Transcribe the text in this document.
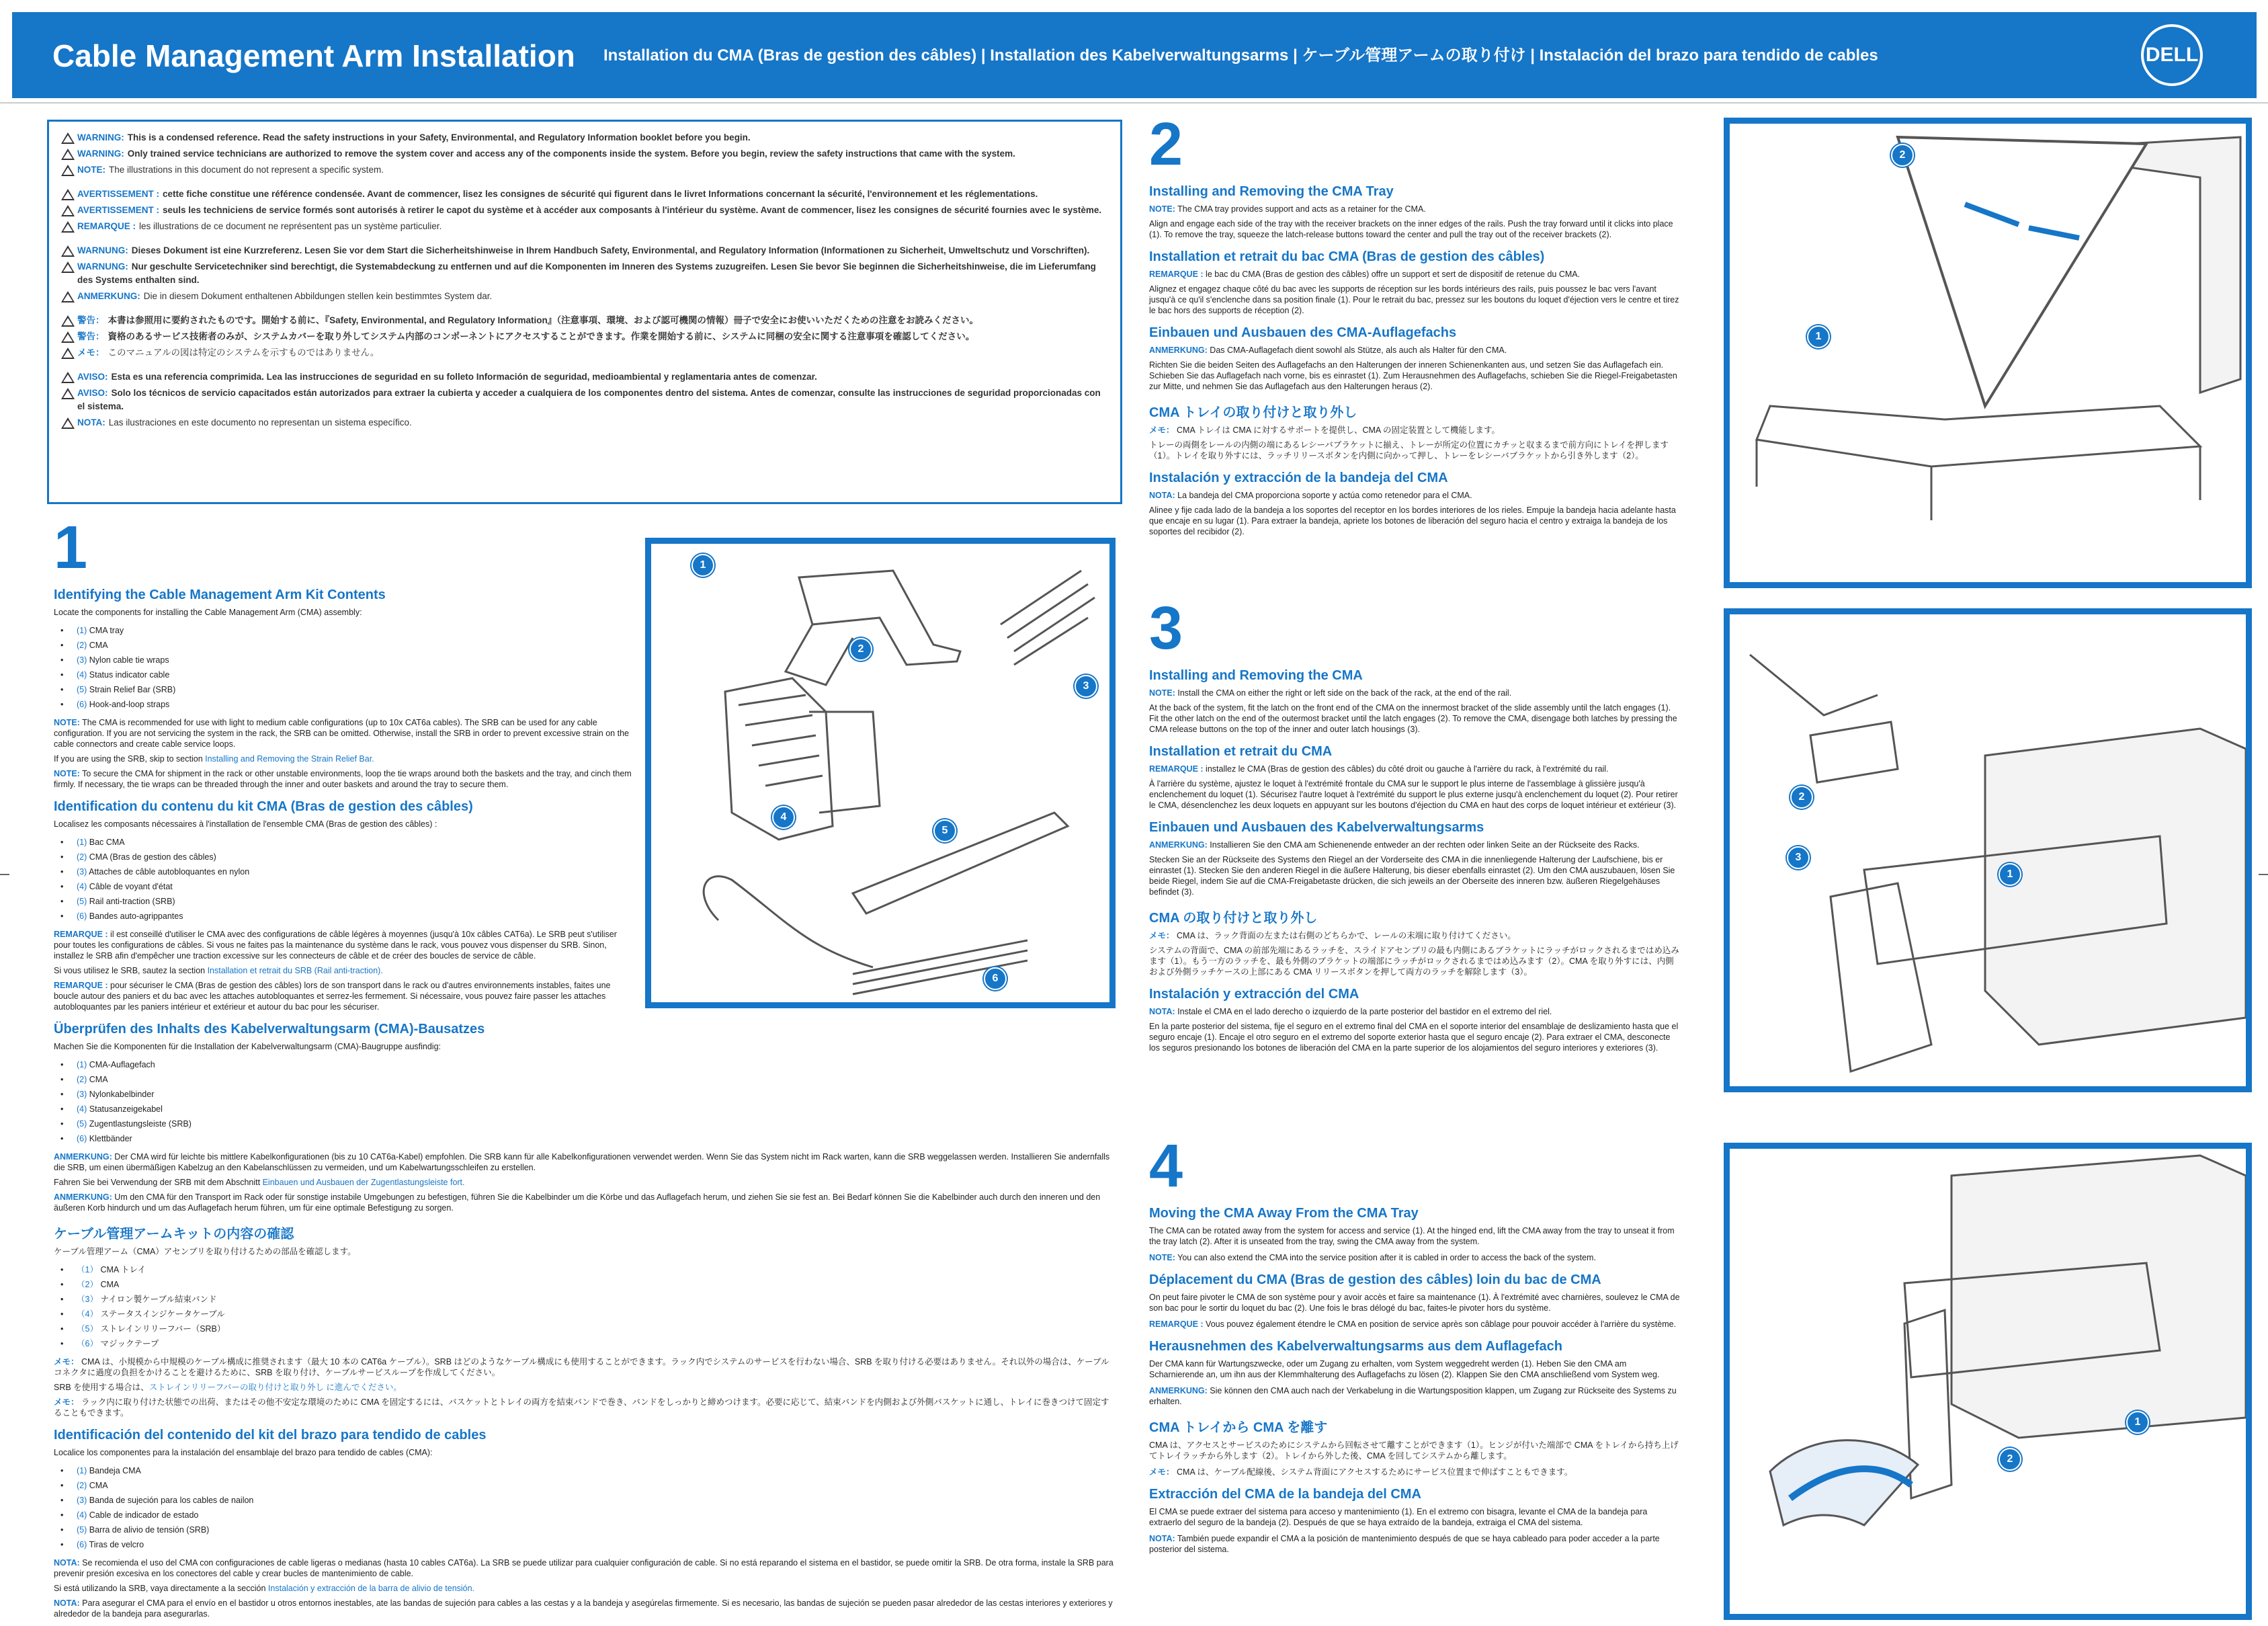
Cable Management Arm Installation Installation du CMA (Bras de gestion des câbles) | Installation des Kabelverwaltungsarms | ケーブル管理アームの取り付け | Instalación del brazo para tendido de cables	DELL
WARNING: This is a condensed reference. Read the safety instructions in your Safety, Environmental, and Regulatory Information booklet before you begin.
WARNING: Only trained service technicians are authorized to remove the system cover and access any of the components inside the system. Before you begin, review the safety instructions that came with the system.
NOTE: The illustrations in this document do not represent a specific system.
AVERTISSEMENT : cette fiche constitue une référence condensée. Avant de commencer, lisez les consignes de sécurité qui figurent dans le livret Informations concernant la sécurité, l'environnement et les réglementations.
AVERTISSEMENT : seuls les techniciens de service formés sont autorisés à retirer le capot du système et à accéder aux composants à l'intérieur du système. Avant de commencer, lisez les consignes de sécurité fournies avec le système.
REMARQUE : les illustrations de ce document ne représentent pas un système particulier.
WARNUNG: Dieses Dokument ist eine Kurzreferenz. Lesen Sie vor dem Start die Sicherheitshinweise in Ihrem Handbuch Safety, Environmental, and Regulatory Information (Informationen zu Sicherheit, Umweltschutz und Vorschriften).
WARNUNG: Nur geschulte Servicetechniker sind berechtigt, die Systemabdeckung zu entfernen und auf die Komponenten im Inneren des Systems zuzugreifen. Lesen Sie bevor Sie beginnen die Sicherheitshinweise, die im Lieferumfang des Systems enthalten sind.
ANMERKUNG: Die in diesem Dokument enthaltenen Abbildungen stellen kein bestimmtes System dar.
警告： 本書は参照用に要約されたものです。開始する前に、『Safety, Environmental, and Regulatory Information』（注意事項、環境、および認可機関の情報）冊子で安全にお使いいただくための注意をお読みください。
警告： 資格のあるサービス技術者のみが、システムカバーを取り外してシステム内部のコンポーネントにアクセスすることができます。作業を開始する前に、システムに同梱の安全に関する注意事項を確認してください。
メモ： このマニュアルの図は特定のシステムを示すものではありません。
AVISO: Esta es una referencia comprimida. Lea las instrucciones de seguridad en su folleto Información de seguridad, medioambiental y reglamentaria antes de comenzar.
AVISO: Solo los técnicos de servicio capacitados están autorizados para extraer la cubierta y acceder a cualquiera de los componentes dentro del sistema. Antes de comenzar, consulte las instrucciones de seguridad proporcionadas con el sistema.
NOTA: Las ilustraciones en este documento no representan un sistema específico.
1
Identifying the Cable Management Arm Kit Contents
Locate the components for installing the Cable Management Arm (CMA) assembly:
• (1) CMA tray
• (2) CMA
• (3) Nylon cable tie wraps
• (4) Status indicator cable
• (5) Strain Relief Bar (SRB)
• (6) Hook-and-loop straps
NOTE: The CMA is recommended for use with light to medium cable configurations (up to 10x CAT6a cables). The SRB can be used for any cable configuration. If you are not servicing the system in the rack, the SRB can be omitted. Otherwise, install the SRB in order to prevent excessive strain on the cable connectors and create cable service loops.
If you are using the SRB, skip to section Installing and Removing the Strain Relief Bar.
NOTE: To secure the CMA for shipment in the rack or other unstable environments, loop the tie wraps around both the baskets and the tray, and cinch them firmly. If necessary, the tie wraps can be threaded through the inner and outer baskets and around the tray to secure them.
Identification du contenu du kit CMA (Bras de gestion des câbles)
Localisez les composants nécessaires à l'installation de l'ensemble CMA (Bras de gestion des câbles) :
• (1) Bac CMA
• (2) CMA (Bras de gestion des câbles)
• (3) Attaches de câble autobloquantes en nylon
• (4) Câble de voyant d'état
• (5) Rail anti-traction (SRB)
• (6) Bandes auto-agrippantes
REMARQUE : il est conseillé d'utiliser le CMA avec des configurations de câble légères à moyennes (jusqu'à 10x câbles CAT6a). Le SRB peut s'utiliser pour toutes les configurations de câbles. Si vous ne faites pas la maintenance du système dans le rack, vous pouvez vous dispenser du SRB. Sinon, installez le SRB afin d'empêcher une traction excessive sur les connecteurs de câble et de créer des boucles de service de câble.
Si vous utilisez le SRB, sautez la section Installation et retrait du SRB (Rail anti-traction).
REMARQUE : pour sécuriser le CMA (Bras de gestion des câbles) lors de son transport dans le rack ou d'autres environnements instables, faites une boucle autour des paniers et du bac avec les attaches autobloquantes et serrez-les fermement. Si nécessaire, vous pouvez faire passer les attaches autobloquantes par les paniers intérieur et extérieur et autour du bac pour les sécuriser.
Überprüfen des Inhalts des Kabelverwaltungsarm (CMA)-Bausatzes
Machen Sie die Komponenten für die Installation der Kabelverwaltungsarm (CMA)-Baugruppe ausfindig:
• (1) CMA-Auflagefach
• (2) CMA
• (3) Nylonkabelbinder
• (4) Statusanzeigekabel
• (5) Zugentlastungsleiste (SRB)
• (6) Klettbänder
ANMERKUNG: Der CMA wird für leichte bis mittlere Kabelkonfigurationen (bis zu 10 CAT6a-Kabel) empfohlen. Die SRB kann für alle Kabelkonfigurationen verwendet werden. Wenn Sie das System nicht im Rack warten, kann die SRB weggelassen werden. Installieren Sie andernfalls die SRB, um einen übermäßigen Kabelzug an den Kabelanschlüssen zu vermeiden, und um Kabelwartungsschleifen zu erstellen.
Fahren Sie bei Verwendung der SRB mit dem Abschnitt Einbauen und Ausbauen der Zugentlastungsleiste fort.
ANMERKUNG: Um den CMA für den Transport im Rack oder für sonstige instabile Umgebungen zu befestigen, führen Sie die Kabelbinder um die Körbe und das Auflagefach herum, und ziehen Sie sie fest an. Bei Bedarf können Sie die Kabelbinder auch durch den inneren und den äußeren Korb hindurch und um das Auflagefach herum führen, um für eine optimale Befestigung zu sorgen.
ケーブル管理アームキットの内容の確認
ケーブル管理アーム（CMA）アセンブリを取り付けるための部品を確認します。
• （1） CMA トレイ
• （2） CMA
• （3） ナイロン製ケーブル結束バンド
• （4） ステータスインジケータケーブル
• （5） ストレインリリーフバー（SRB）
• （6） マジックテープ
メモ： CMA は、小規模から中規模のケーブル構成に推奨されます（最大 10 本の CAT6a ケーブル）。SRB はどのようなケーブル構成にも使用することができます。ラック内でシステムのサービスを行わない場合、SRB を取り付ける必要はありません。それ以外の場合は、ケーブルコネクタに過度の負担をかけることを避けるために、SRB を取り付け、ケーブルサービスループを作成してください。
SRB を使用する場合は、ストレインリリーフバーの取り付けと取り外し に進んでください。
メモ： ラック内に取り付けた状態での出荷、またはその他不安定な環境のために CMA を固定するには、バスケットとトレイの両方を結束バンドで巻き、バンドをしっかりと締めつけます。必要に応じて、結束バンドを内側および外側バスケットに通し、トレイに巻きつけて固定することもできます。
Identificación del contenido del kit del brazo para tendido de cables
Localice los componentes para la instalación del ensamblaje del brazo para tendido de cables (CMA):
• (1) Bandeja CMA
• (2) CMA
• (3) Banda de sujeción para los cables de nailon
• (4) Cable de indicador de estado
• (5) Barra de alivio de tensión (SRB)
• (6) Tiras de velcro
NOTA: Se recomienda el uso del CMA con configuraciones de cable ligeras o medianas (hasta 10 cables CAT6a). La SRB se puede utilizar para cualquier configuración de cable. Si no está reparando el sistema en el bastidor, se puede omitir la SRB. De otra forma, instale la SRB para prevenir presión excesiva en los conectores del cable y crear bucles de mantenimiento de cable.
Si está utilizando la SRB, vaya directamente a la sección Instalación y extracción de la barra de alivio de tensión.
NOTA: Para asegurar el CMA para el envío en el bastidor u otros entornos inestables, ate las bandas de sujeción para cables a las cestas y a la bandeja y asegúrelas firmemente. Si es necesario, las bandas de sujeción se pueden pasar alrededor de las cestas interiores y exteriores y alrededor de la bandeja para asegurarlas.
1
2
3
4
5
6
2
Installing and Removing the CMA Tray
NOTE: The CMA tray provides support and acts as a retainer for the CMA.
Align and engage each side of the tray with the receiver brackets on the inner edges of the rails. Push the tray forward until it clicks into place (1). To remove the tray, squeeze the latch-release buttons toward the center and pull the tray out of the receiver brackets (2).
Installation et retrait du bac CMA (Bras de gestion des câbles)
REMARQUE : le bac du CMA (Bras de gestion des câbles) offre un support et sert de dispositif de retenue du CMA.
Alignez et engagez chaque côté du bac avec les supports de réception sur les bords intérieurs des rails, puis poussez le bac vers l'avant jusqu'à ce qu'il s'enclenche dans sa position finale (1). Pour le retrait du bac, pressez sur les boutons du loquet d'éjection vers le centre et tirez le bac hors des supports de réception (2).
Einbauen und Ausbauen des CMA-Auflagefachs
ANMERKUNG: Das CMA-Auflagefach dient sowohl als Stütze, als auch als Halter für den CMA.
Richten Sie die beiden Seiten des Auflagefachs an den Halterungen der inneren Schienenkanten aus, und setzen Sie das Auflagefach ein. Schieben Sie das Auflagefach nach vorne, bis es einrastet (1). Zum Herausnehmen des Auflagefachs, schieben Sie die Riegel-Freigabetasten zur Mitte, und nehmen Sie das Auflagefach aus den Halterungen heraus (2).
CMA トレイの取り付けと取り外し
メモ： CMA トレイは CMA に対するサポートを提供し、CMA の固定装置として機能します。
トレーの両側をレールの内側の端にあるレシーバブラケットに揃え、トレーが所定の位置にカチッと収まるまで前方向にトレイを押します（1）。トレイを取り外すには、ラッチリリースボタンを内側に向かって押し、トレーをレシーバブラケットから引き外します（2）。
Instalación y extracción de la bandeja del CMA
NOTA: La bandeja del CMA proporciona soporte y actúa como retenedor para el CMA.
Alinee y fije cada lado de la bandeja a los soportes del receptor en los bordes interiores de los rieles. Empuje la bandeja hacia adelante hasta que encaje en su lugar (1). Para extraer la bandeja, apriete los botones de liberación del seguro hacia el centro y extraiga la bandeja de los soportes del recibidor (2).
2
1
3
Installing and Removing the CMA
NOTE: Install the CMA on either the right or left side on the back of the rack, at the end of the rail.
At the back of the system, fit the latch on the front end of the CMA on the innermost bracket of the slide assembly until the latch engages (1). Fit the other latch on the end of the outermost bracket until the latch engages (2). To remove the CMA, disengage both latches by pressing the CMA release buttons on the top of the inner and outer latch housings (3).
Installation et retrait du CMA
REMARQUE : installez le CMA (Bras de gestion des câbles) du côté droit ou gauche à l'arrière du rack, à l'extrémité du rail.
À l'arrière du système, ajustez le loquet à l'extrémité frontale du CMA sur le support le plus interne de l'assemblage à glissière jusqu'à enclenchement du loquet (1). Sécurisez l'autre loquet à l'extrémité du support le plus externe jusqu'à enclenchement du loquet (2). Pour retirer le CMA, désenclenchez les deux loquets en appuyant sur les boutons d'éjection du CMA en haut des corps de loquet intérieur et extérieur (3).
Einbauen und Ausbauen des Kabelverwaltungsarms
ANMERKUNG: Installieren Sie den CMA am Schienenende entweder an der rechten oder linken Seite an der Rückseite des Racks.
Stecken Sie an der Rückseite des Systems den Riegel an der Vorderseite des CMA in die innenliegende Halterung der Laufschiene, bis er einrastet (1). Stecken Sie den anderen Riegel in die äußere Halterung, bis dieser ebenfalls einrastet (2). Um den CMA auszubauen, lösen Sie beide Riegel, indem Sie auf die CMA-Freigabetaste drücken, die sich jeweils an der Oberseite des inneren bzw. äußeren Riegelgehäuses befindet (3).
CMA の取り付けと取り外し
メモ： CMA は、ラック背面の左または右側のどちらかで、レールの末端に取り付けてください。
システムの背面で、CMA の前部先端にあるラッチを、スライドアセンブリの最も内側にあるブラケットにラッチがロックされるまではめ込みます（1）。もう一方のラッチを、最も外側のブラケットの端部にラッチがロックされるまではめ込みます（2）。CMA を取り外すには、内側および外側ラッチケースの上部にある CMA リリースボタンを押して両方のラッチを解除します（3）。
Instalación y extracción del CMA
NOTA: Instale el CMA en el lado derecho o izquierdo de la parte posterior del bastidor en el extremo del riel.
En la parte posterior del sistema, fije el seguro en el extremo final del CMA en el soporte interior del ensamblaje de deslizamiento hasta que el seguro encaje (1). Encaje el otro seguro en el extremo del soporte exterior hasta que el seguro encaje (2). Para extraer el CMA, desconecte los seguros presionando los botones de liberación del CMA en la parte superior de los alojamientos del seguro interiores y exteriores (3).
2
3
1
4
Moving the CMA Away From the CMA Tray
The CMA can be rotated away from the system for access and service (1). At the hinged end, lift the CMA away from the tray to unseat it from the tray latch (2). After it is unseated from the tray, swing the CMA away from the system.
NOTE: You can also extend the CMA into the service position after it is cabled in order to access the back of the system.
Déplacement du CMA (Bras de gestion des câbles) loin du bac de CMA
On peut faire pivoter le CMA de son système pour y avoir accès et faire sa maintenance (1). À l'extrémité avec charnières, soulevez le CMA de son bac pour le sortir du loquet du bac (2). Une fois le bras délogé du bac, faites-le pivoter hors du système.
REMARQUE : Vous pouvez également étendre le CMA en position de service après son câblage pour pouvoir accéder à l'arrière du système.
Herausnehmen des Kabelverwaltungsarms aus dem Auflagefach
Der CMA kann für Wartungszwecke, oder um Zugang zu erhalten, vom System weggedreht werden (1). Heben Sie den CMA am Scharnierende an, um ihn aus der Klemmhalterung des Auflagefachs zu lösen (2). Klappen Sie den CMA anschließend vom System weg.
ANMERKUNG: Sie können den CMA auch nach der Verkabelung in die Wartungsposition klappen, um Zugang zur Rückseite des Systems zu erhalten.
CMA トレイから CMA を離す
CMA は、アクセスとサービスのためにシステムから回転させて離すことができます（1）。ヒンジが付いた端部で CMA をトレイから持ち上げてトレイラッチから外します（2）。トレイから外した後、CMA を回してシステムから離します。
メモ： CMA は、ケーブル配線後、システム背面にアクセスするためにサービス位置まで伸ばすこともできます。
Extracción del CMA de la bandeja del CMA
El CMA se puede extraer del sistema para acceso y mantenimiento (1). En el extremo con bisagra, levante el CMA de la bandeja para extraerlo del seguro de la bandeja (2). Después de que se haya extraído de la bandeja, extraiga el CMA del sistema.
NOTA: También puede expandir el CMA a la posición de mantenimiento después de que se haya cableado para poder acceder a la parte posterior del sistema.
1
2
